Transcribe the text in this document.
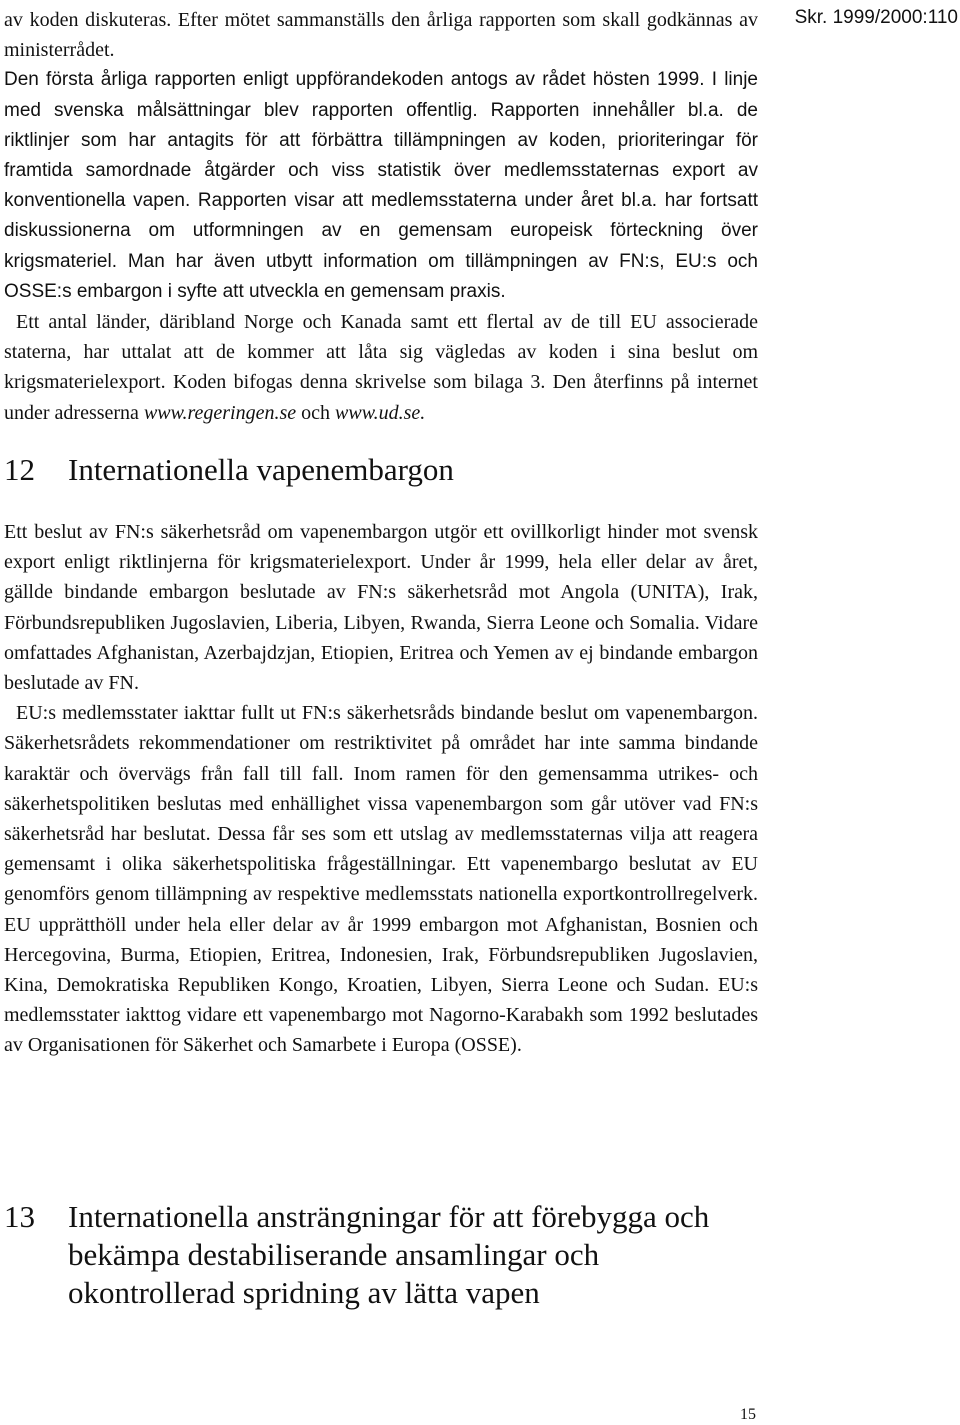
Skr. 1999/2000:110

av koden diskuteras. Efter mötet sammanställs den årliga rapporten som skall godkännas av ministerrådet.

Den första årliga rapporten enligt uppförandekoden antogs av rådet hösten 1999. I linje med svenska målsättningar blev rapporten offentlig. Rapporten innehåller bl.a. de riktlinjer som har antagits för att förbättra tillämpningen av koden, prioriteringar för framtida samordnade åtgärder och viss statistik över medlemsstaternas export av konventionella vapen. Rapporten visar att medlemsstaterna under året bl.a. har fortsatt diskussionerna om utformningen av en gemensam europeisk förteckning över krigsmateriel. Man har även utbytt information om tillämpningen av FN:s, EU:s och OSSE:s embargon i syfte att utveckla en gemensam praxis.

Ett antal länder, däribland Norge och Kanada samt ett flertal av de till EU associerade staterna, har uttalat att de kommer att låta sig vägledas av koden i sina beslut om krigsmaterielexport. Koden bifogas denna skrivelse som bilaga 3. Den återfinns på internet under adresserna www.regeringen.se och www.ud.se.

12	Internationella vapenembargon

Ett beslut av FN:s säkerhetsråd om vapenembargon utgör ett ovillkorligt hinder mot svensk export enligt riktlinjerna för krigsmaterielexport. Under år 1999, hela eller delar av året, gällde bindande embargon beslutade av FN:s säkerhetsråd mot Angola (UNITA), Irak, Förbundsrepubliken Jugoslavien, Liberia, Libyen, Rwanda, Sierra Leone och Somalia. Vidare omfattades Afghanistan, Azerbajdzjan, Etiopien, Eritrea och Yemen av ej bindande embargon beslutade av FN.

EU:s medlemsstater iakttar fullt ut FN:s säkerhetsråds bindande beslut om vapenembargon. Säkerhetsrådets rekommendationer om restriktivitet på området har inte samma bindande karaktär och övervägs från fall till fall. Inom ramen för den gemensamma utrikes- och säkerhetspolitiken beslutas med enhällighet vissa vapenembargon som går utöver vad FN:s säkerhetsråd har beslutat. Dessa får ses som ett utslag av medlemsstaternas vilja att reagera gemensamt i olika säkerhetspolitiska frågeställningar. Ett vapenembargo beslutat av EU genomförs genom tillämpning av respektive medlemsstats nationella exportkontrollregelverk. EU upprätthöll under hela eller delar av år 1999 embargon mot Afghanistan, Bosnien och Hercegovina, Burma, Etiopien, Eritrea, Indonesien, Irak, Förbundsrepubliken Jugoslavien, Kina, Demokratiska Republiken Kongo, Kroatien, Libyen, Sierra Leone och Sudan. EU:s medlemsstater iakttog vidare ett vapenembargo mot Nagorno-Karabakh som 1992 beslutades av Organisationen för Säkerhet och Samarbete i Europa (OSSE).

13	Internationella ansträngningar för att förebygga och bekämpa destabiliserande ansamlingar och okontrollerad spridning av lätta vapen
15
